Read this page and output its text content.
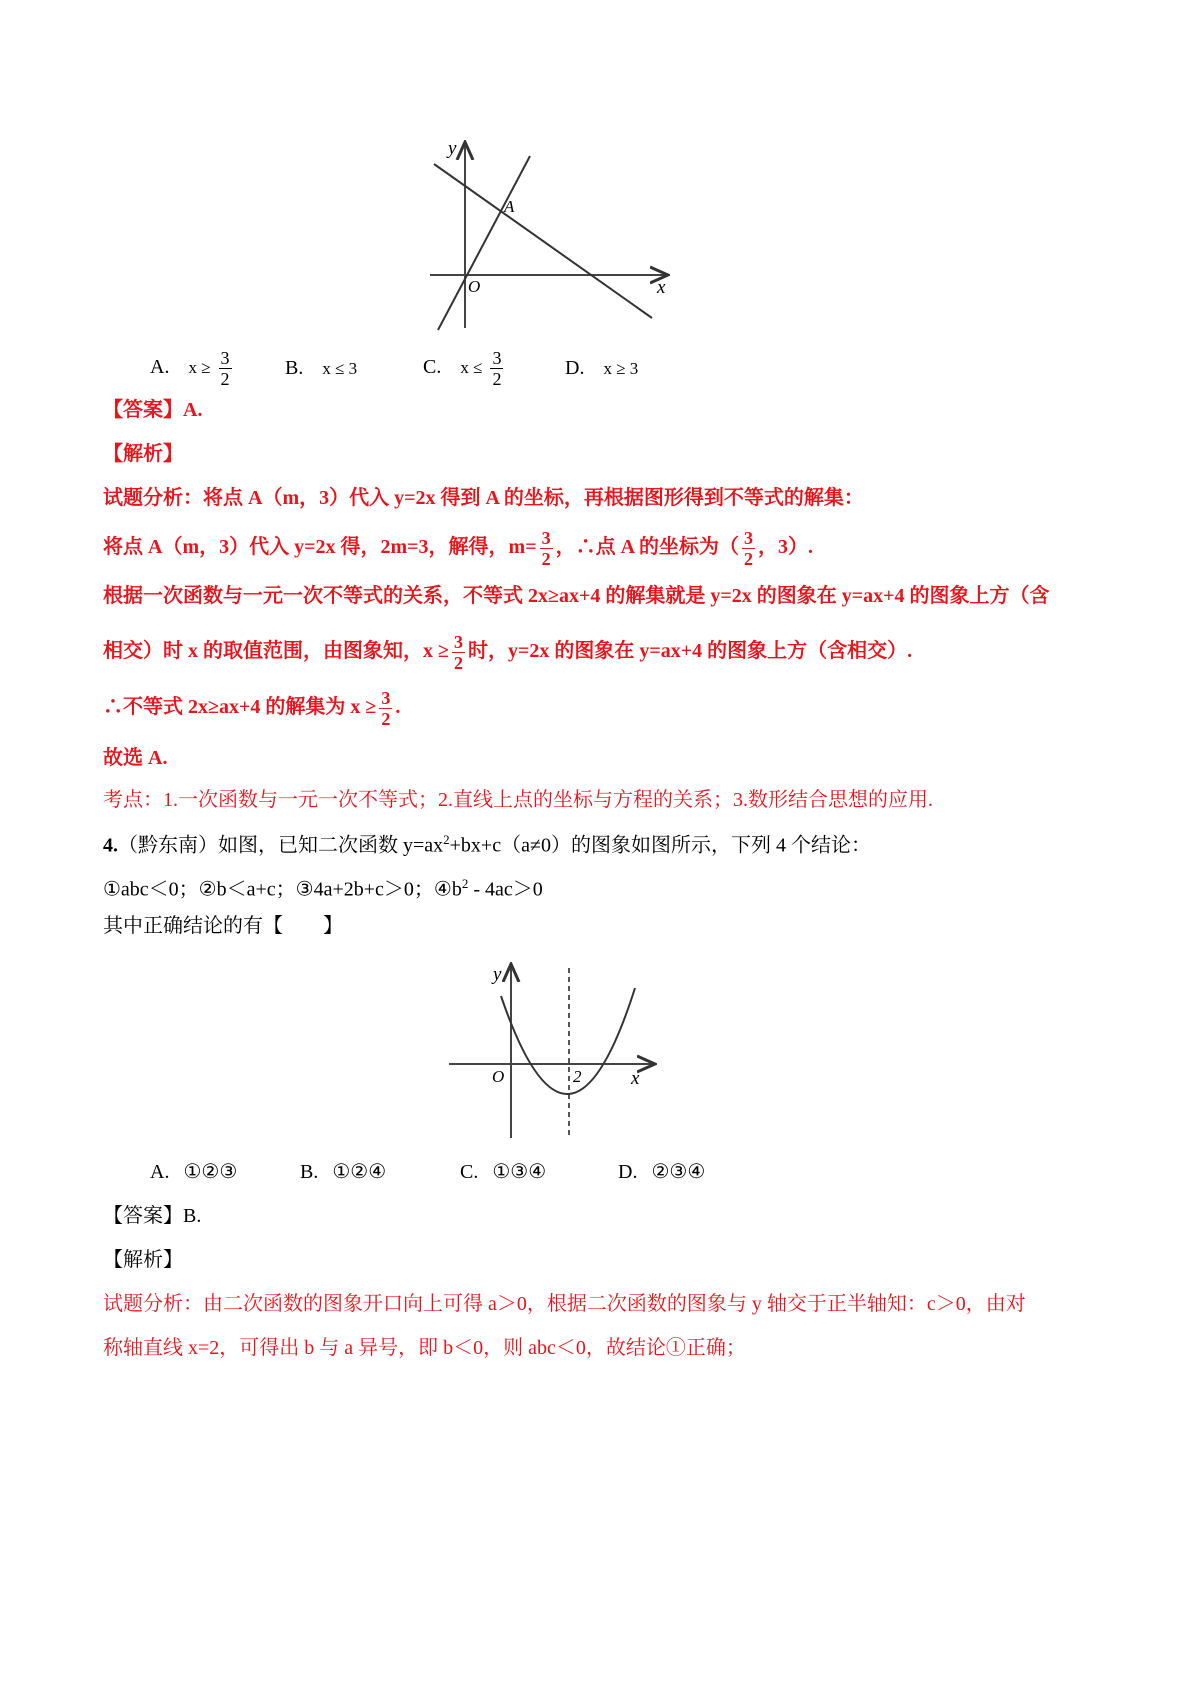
y
x
O
A
A. $x \ge \frac{3}{2}$	B. x ≤ 3	C. $x \le \frac{3}{2}$	D. x ≥ 3
【答案】A.
【解析】
试题分析：将点 A（m，3）代入 y=2x 得到 A 的坐标，再根据图形得到不等式的解集：
将点 A（m，3）代入 y=2x 得，2m=3，解得，$m= \frac{3}{2}$ ，∴点 A 的坐标为（ $\frac{3}{2}$ ，3）.
根据一次函数与一元一次不等式的关系，不等式 2x≥ax+4 的解集就是 y=2x 的图象在 y=ax+4 的图象上方（含
相交）时 x 的取值范围，由图象知，$x \ge \frac{3}{2}$ 时，y=2x 的图象在 y=ax+4 的图象上方（含相交）.
∴不等式 2x≥ax+4 的解集为 $x \ge \frac{3}{2}$ .
故选 A.
考点：1.一次函数与一元一次不等式；2.直线上点的坐标与方程的关系；3.数形结合思想的应用.
4.（黔东南）如图，已知二次函数 $y=ax^2+bx+c(a\ne 0)$的图象如图所示，下列 4 个结论：
①abc＜0；②b＜a+c；③4a+2b+c＞0；$④b^2 - 4ac>0$
其中正确结论的有【　　】
y
x
O	2
A. ①②③	B. ①②④	C. ①③④	D. ②③④
【答案】B.
【解析】
试题分析：由二次函数的图象开口向上可得 a＞0，根据二次函数的图象与 y 轴交于正半轴知：c＞0，由对
称轴直线 x=2，可得出 b 与 a 异号，即 b＜0，则 abc＜0，故结论①正确；
